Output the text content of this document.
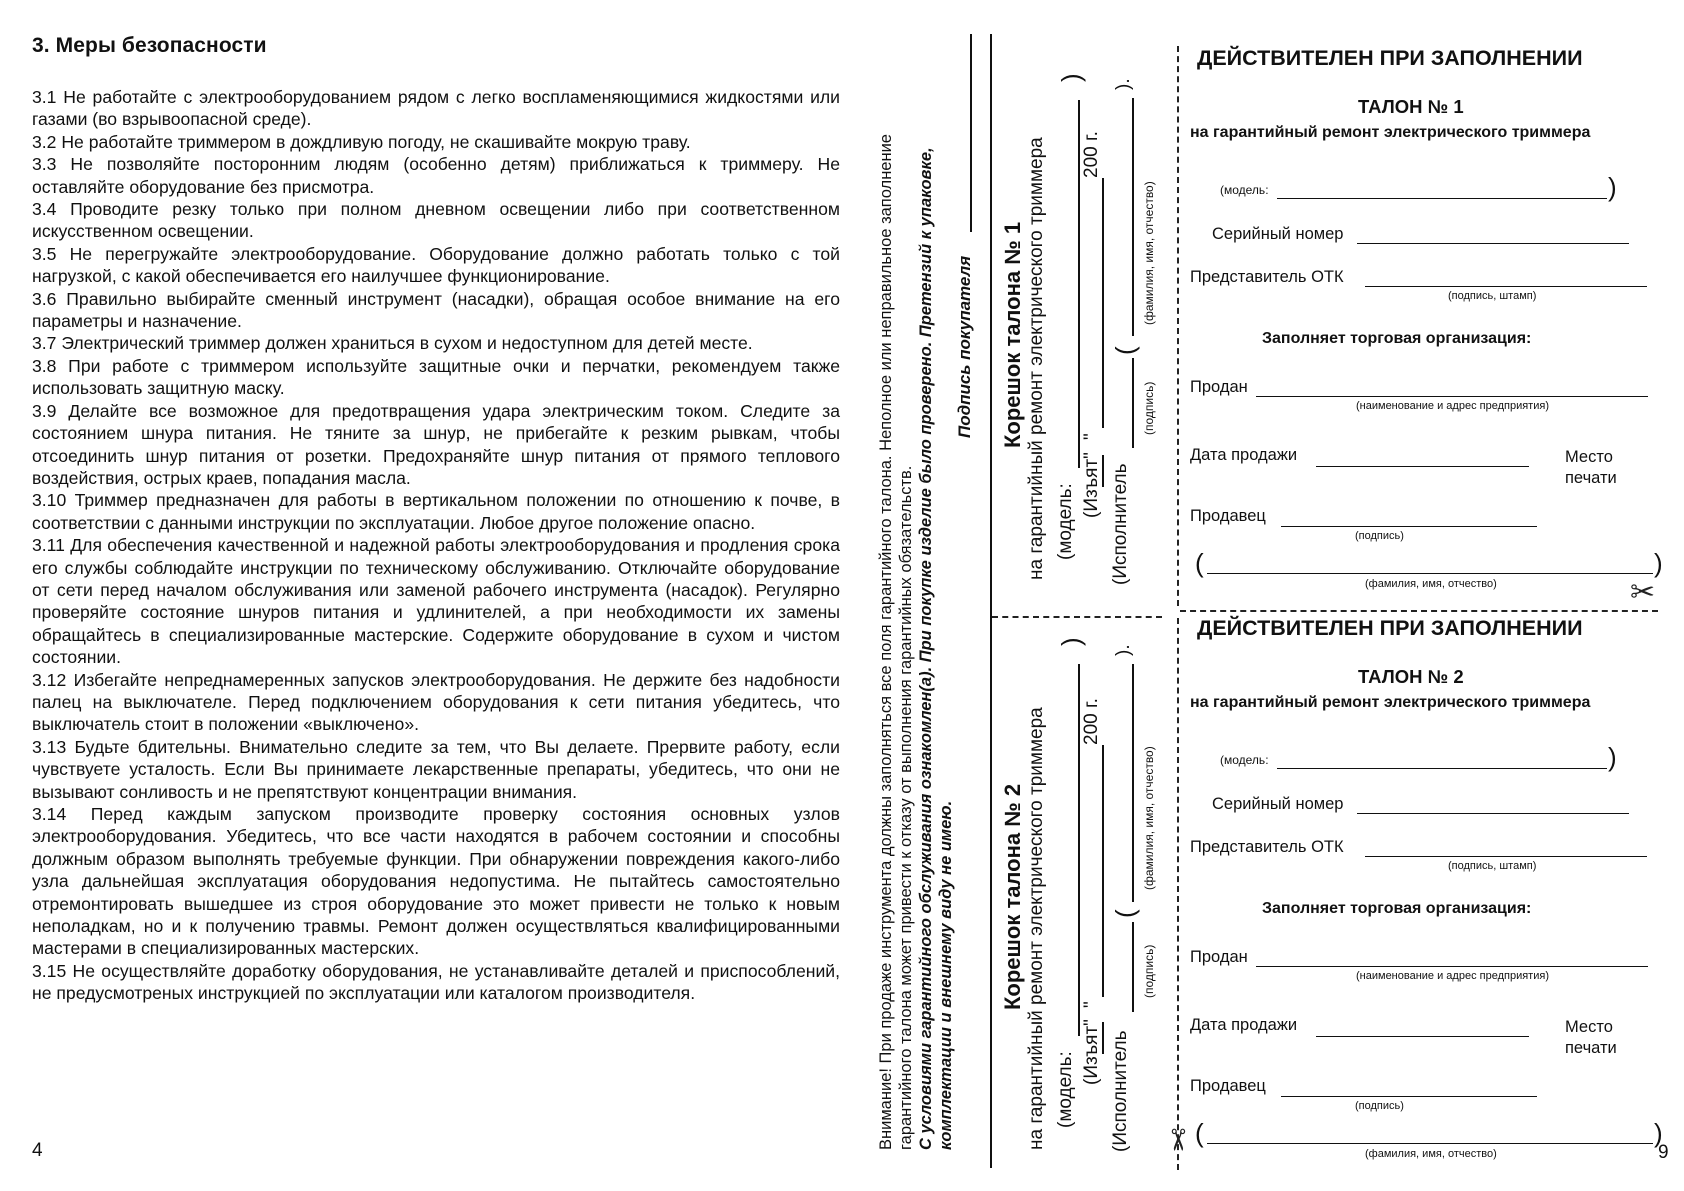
3. Меры безопасности

3.1 Не работайте с электрооборудованием рядом с легко воспламеняющимися жидкостями или газами (во взрывоопасной среде).

3.2 Не работайте триммером в дождливую погоду, не скашивайте мокрую траву.

3.3 Не позволяйте посторонним людям (особенно детям) приближаться к триммеру. Не оставляйте оборудование без присмотра.

3.4 Проводите резку только при полном дневном освещении либо при соответственном искусственном освещении.

3.5 Не перегружайте электрооборудование. Оборудование должно работать только с той нагрузкой, с какой обеспечивается его наилучшее функционирование.

3.6 Правильно выбирайте сменный инструмент (насадки), обращая особое внимание на его параметры и назначение.

3.7 Электрический триммер должен храниться в сухом и недоступном для детей месте.

3.8 При работе с триммером используйте защитные очки и перчатки, рекомендуем также использовать защитную маску.

3.9 Делайте все возможное для предотвращения удара электрическим током. Следите за состоянием шнура питания. Не тяните за шнур, не прибегайте к резким рывкам, чтобы отсоединить шнур питания от розетки. Предохраняйте шнур питания от прямого теплового воздействия, острых краев, попадания масла.

3.10 Триммер предназначен для работы в вертикальном положении по отношению к почве, в соответствии с данными инструкции по эксплуатации. Любое другое положение опасно.

3.11 Для обеспечения качественной и надежной работы электрооборудования и продления срока его службы соблюдайте инструкции по техническому обслуживанию. Отключайте оборудование от сети перед началом обслуживания или заменой рабочего инструмента (насадок). Регулярно проверяйте состояние шнуров питания и удлинителей, а при необходимости их замены обращайтесь в специализированные мастерские. Содержите оборудование в сухом и чистом состоянии.

3.12 Избегайте непреднамеренных запусков электрооборудования. Не держите без надобности палец на выключателе. Перед подключением оборудования к сети питания убедитесь, что выключатель стоит в положении «выключено».

3.13 Будьте бдительны. Внимательно следите за тем, что Вы делаете. Прервите работу, если чувствуете усталость. Если Вы принимаете лекарственные препараты, убедитесь, что они не вызывают сонливость и не препятствуют концентрации внимания.

3.14 Перед каждым запуском производите проверку состояния основных узлов электрооборудования. Убедитесь, что все части находятся в рабочем состоянии и способны должным образом выполнять требуемые функции. При обнаружении повреждения какого-либо узла дальнейшая эксплуатация оборудования недопустима. Не пытайтесь самостоятельно отремонтировать вышедшее из строя оборудование это может привести не только к новым неполадкам, но и к получению травмы. Ремонт должен осуществляться квалифицированными мастерами в специализированных мастерских.

3.15 Не осуществляйте доработку оборудования, не устанавливайте деталей и приспособлений, не предусмотреных инструкцией по эксплуатации или каталогом производителя.

4
Внимание! При продаже инструмента должны заполняться все поля гарантийного талона. Неполное или неправильное заполнение гарантийного талона может привести к отказу от выполнения гарантийных обязательств. С условиями гарантийного обслуживания ознакомлен(а). При покупке изделие было проверено. Претензий к упаковке, комплектации и внешнему виду не имею.
Подпись покупателя Корешок талона № 1 на гарантийный ремонт электрического триммера (модель:
)
(Изъят"
"
200 г.
(Исполнитель
(
).
(подпись)
(фамилия, имя, отчество)
Корешок талона № 2 на гарантийный ремонт электрического триммера (модель:
)
(Изъят"
"
200 г.
(Исполнитель
(
).
(подпись)
(фамилия, имя, отчество)
ДЕЙСТВИТЕЛЕН ПРИ ЗАПОЛНЕНИИ
ТАЛОН № 1
на гарантийный ремонт электрического триммера
(модель:	)
Серийный номер
Представитель ОТК
(подпись, штамп)
Заполняет торговая организация:
Продан
(наименование и адрес предприятия)
Дата продажи	Место
печати
Продавец
(подпись)
(	)
(фамилия, имя, отчество)	✂
ДЕЙСТВИТЕЛЕН ПРИ ЗАПОЛНЕНИИ
ТАЛОН № 2
на гарантийный ремонт электрического триммера
(модель:	)
Серийный номер
Представитель ОТК
(подпись, штамп)
Заполняет торговая организация:
Продан
(наименование и адрес предприятия)
Дата продажи	Место
печати
Продавец
(подпись)
(	)
(фамилия, имя, отчество)
✂	9
